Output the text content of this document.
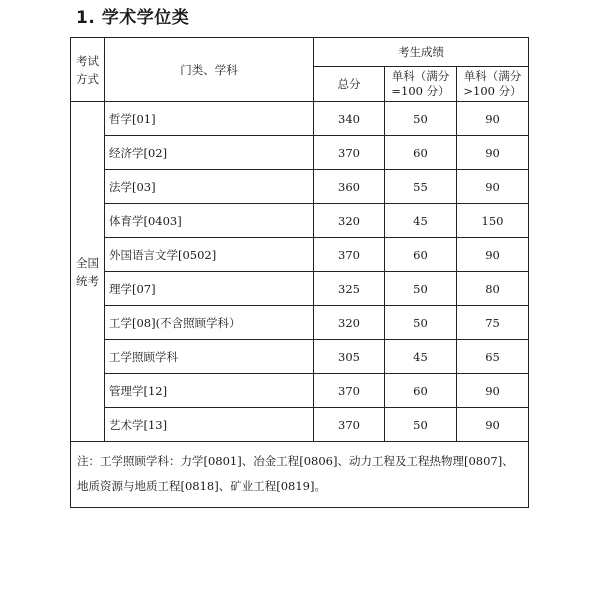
1. 学术学位类
考试方式	门类、学科	考生成绩		
		总分	单科（满分=100 分）	单科（满分>100 分）
全国统考	哲学[01]	340	50	90
	经济学[02]	370	60	90
	法学[03]	360	55	90
	体育学[0403]	320	45	150
	外国语言文学[0502]	370	60	90
	理学[07]	325	50	80
	工学[08](不含照顾学科）	320	50	75
	工学照顾学科	305	45	65
	管理学[12]	370	60	90
	艺术学[13]	370	50	90
注：工学照顾学科：力学[0801]、冶金工程[0806]、动力工程及工程热物理[0807]、地质资源与地质工程[0818]、矿业工程[0819]。				
